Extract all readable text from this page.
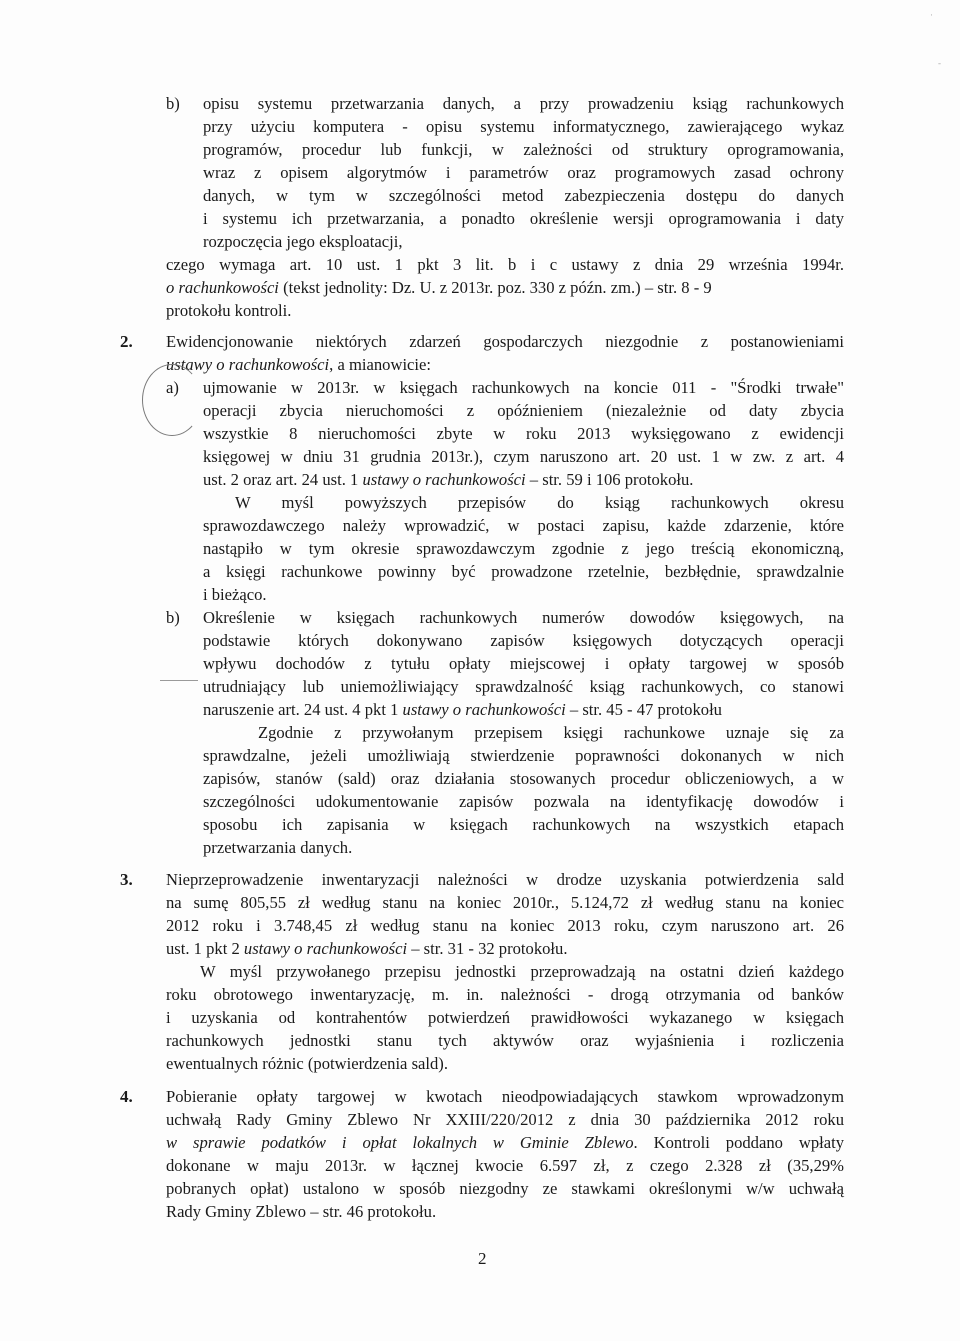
·
-
b) opisu systemu przetwarzania danych, a przy prowadzeniu ksiąg rachunkowych
przy użyciu komputera - opisu systemu informatycznego, zawierającego wykaz
programów, procedur lub funkcji, w zależności od struktury oprogramowania,
wraz z opisem algorytmów i parametrów oraz programowych zasad ochrony
danych, w tym w szczególności metod zabezpieczenia dostępu do danych
i systemu ich przetwarzania, a ponadto określenie wersji oprogramowania i daty
rozpoczęcia jego eksploatacji,
czego wymaga art. 10 ust. 1 pkt 3 lit. b i c ustawy z dnia 29 września 1994r.
o rachunkowości (tekst jednolity: Dz. U. z 2013r. poz. 330 z późn. zm.) – str. 8 - 9
protokołu kontroli.
2. Ewidencjonowanie niektórych zdarzeń gospodarczych niezgodnie z postanowieniami
ustawy o rachunkowości, a mianowicie:
a) ujmowanie w 2013r. w księgach rachunkowych na koncie 011 - "Środki trwałe"
operacji zbycia nieruchomości z opóźnieniem (niezależnie od daty zbycia
wszystkie 8 nieruchomości zbyte w roku 2013 wyksięgowano z ewidencji
księgowej w dniu 31 grudnia 2013r.), czym naruszono art. 20 ust. 1 w zw. z art. 4
ust. 2 oraz art. 24 ust. 1 ustawy o rachunkowości – str. 59 i 106 protokołu.
W myśl powyższych przepisów do ksiąg rachunkowych okresu
sprawozdawczego należy wprowadzić, w postaci zapisu, każde zdarzenie, które
nastąpiło w tym okresie sprawozdawczym zgodnie z jego treścią ekonomiczną,
a księgi rachunkowe powinny być prowadzone rzetelnie, bezbłędnie, sprawdzalnie
i bieżąco.
b) Określenie w księgach rachunkowych numerów dowodów księgowych, na
podstawie których dokonywano zapisów księgowych dotyczących operacji
wpływu dochodów z tytułu opłaty miejscowej i opłaty targowej w sposób
utrudniający lub uniemożliwiający sprawdzalność ksiąg rachunkowych, co stanowi
naruszenie art. 24 ust. 4 pkt 1 ustawy o rachunkowości – str. 45 - 47 protokołu
Zgodnie z przywołanym przepisem księgi rachunkowe uznaje się za
sprawdzalne, jeżeli umożliwiają stwierdzenie poprawności dokonanych w nich
zapisów, stanów (sald) oraz działania stosowanych procedur obliczeniowych, a w
szczególności udokumentowanie zapisów pozwala na identyfikację dowodów i
sposobu ich zapisania w księgach rachunkowych na wszystkich etapach
przetwarzania danych.
3. Nieprzeprowadzenie inwentaryzacji należności w drodze uzyskania potwierdzenia sald
na sumę 805,55 zł według stanu na koniec 2010r., 5.124,72 zł według stanu na koniec
2012 roku i 3.748,45 zł według stanu na koniec 2013 roku, czym naruszono art. 26
ust. 1 pkt 2 ustawy o rachunkowości – str. 31 - 32 protokołu.
W myśl przywołanego przepisu jednostki przeprowadzają na ostatni dzień każdego
roku obrotowego inwentaryzację, m. in. należności - drogą otrzymania od banków
i uzyskania od kontrahentów potwierdzeń prawidłowości wykazanego w księgach
rachunkowych jednostki stanu tych aktywów oraz wyjaśnienia i rozliczenia
ewentualnych różnic (potwierdzenia sald).
4. Pobieranie opłaty targowej w kwotach nieodpowiadających stawkom wprowadzonym
uchwałą Rady Gminy Zblewo Nr XXIII/220/2012 z dnia 30 października 2012 roku
w sprawie podatków i opłat lokalnych w Gminie Zblewo. Kontroli poddano wpłaty
dokonane w maju 2013r. w łącznej kwocie 6.597 zł, z czego 2.328 zł (35,29%
pobranych opłat) ustalono w sposób niezgodny ze stawkami określonymi w/w uchwałą
Rady Gminy Zblewo – str. 46 protokołu.
2
